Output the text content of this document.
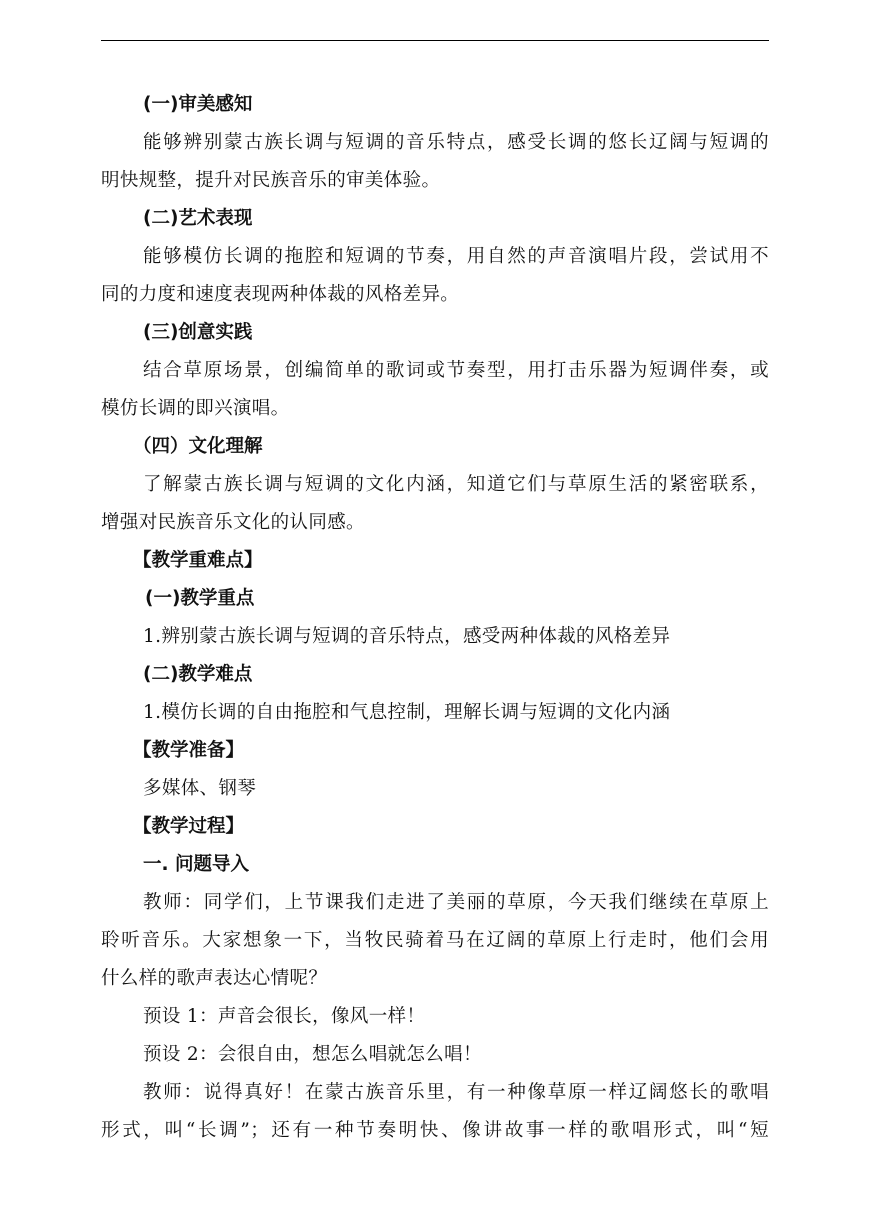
(一)审美感知
能够辨别蒙古族长调与短调的音乐特点，感受长调的悠长辽阔与短调的
明快规整，提升对民族音乐的审美体验。
(二)艺术表现
能够模仿长调的拖腔和短调的节奏，用自然的声音演唱片段，尝试用不
同的力度和速度表现两种体裁的风格差异。
(三)创意实践
结合草原场景，创编简单的歌词或节奏型，用打击乐器为短调伴奏，或
模仿长调的即兴演唱。
（四）文化理解
了解蒙古族长调与短调的文化内涵，知道它们与草原生活的紧密联系，
增强对民族音乐文化的认同感。
【教学重难点】
(一)教学重点
1.辨别蒙古族长调与短调的音乐特点，感受两种体裁的风格差异
(二)教学难点
1.模仿长调的自由拖腔和气息控制，理解长调与短调的文化内涵
【教学准备】
多媒体、钢琴
【教学过程】
一. 问题导入
教师：同学们，上节课我们走进了美丽的草原，今天我们继续在草原上
聆听音乐。大家想象一下，当牧民骑着马在辽阔的草原上行走时，他们会用
什么样的歌声表达心情呢？
预设 1：声音会很长，像风一样！
预设 2：会很自由，想怎么唱就怎么唱！
教师：说得真好！在蒙古族音乐里，有一种像草原一样辽阔悠长的歌唱
形式，叫“长调”；还有一种节奏明快、像讲故事一样的歌唱形式，叫“短
